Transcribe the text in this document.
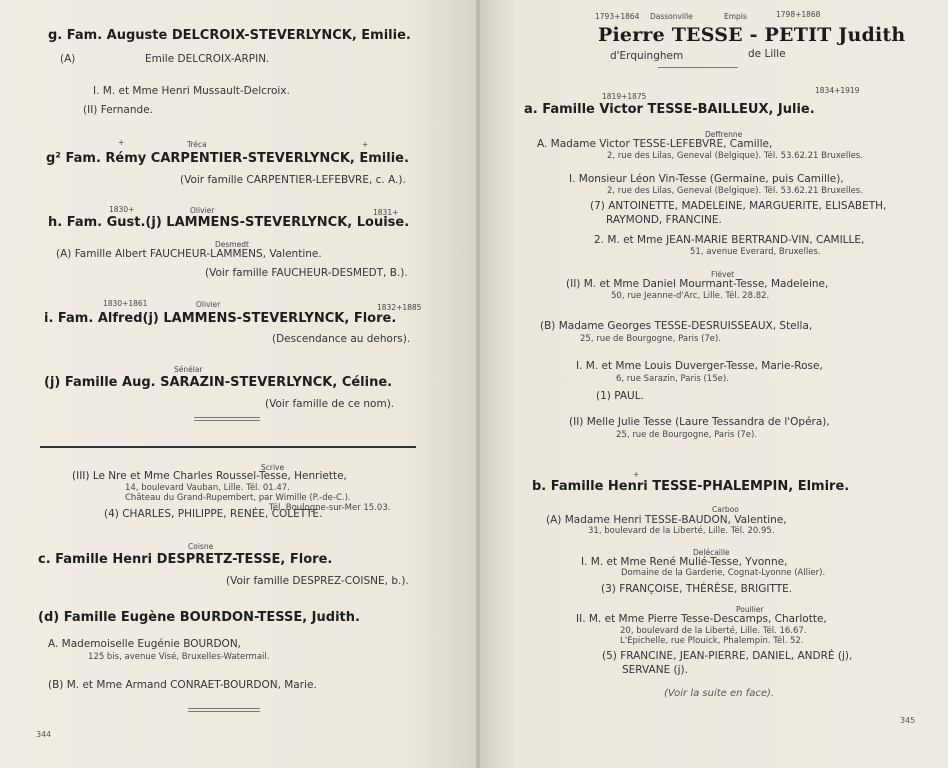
g. Fam. Auguste DELCROIX-STEVERLYNCK, Emilie.
(A)	Emile DELCROIX-ARPIN.
I. M. et Mme Henri Mussault-Delcroix.
(II) Fernande.
+	Tréca	+
g² Fam. Rémy CARPENTIER-STEVERLYNCK, Emilie.
(Voir famille CARPENTIER-LEFEBVRE, c. A.).
1830+	Olivier	1831+
h. Fam. Gust.(j) LAMMENS-STEVERLYNCK, Louise.
Desmedt
(A) Famille Albert FAUCHEUR-LAMMENS, Valentine.
(Voir famille FAUCHEUR-DESMEDT, B.).
1830+1861	Olivier	1832+1885
i. Fam. Alfred(j) LAMMENS-STEVERLYNCK, Flore.
(Descendance au dehors).
Sénélar
(j) Famille Aug. SARAZIN-STEVERLYNCK, Céline.
(Voir famille de ce nom).
Scrive
(III) Le Nre et Mme Charles Roussel-Tesse, Henriette,
14, boulevard Vauban, Lille. Tél. 01.47.
Château du Grand-Rupembert, par Wimille (P.-de-C.).
Tél. Boulogne-sur-Mer 15.03.
(4) CHARLES, PHILIPPE, RENÉE, COLETTE.
Coisne
c. Famille Henri DESPRETZ-TESSE, Flore.
(Voir famille DESPREZ-COISNE, b.).
(d) Famille Eugène BOURDON-TESSE, Judith.
A. Mademoiselle Eugénie BOURDON,
125 bis, avenue Visé, Bruxelles-Watermail.
(B) M. et Mme Armand CONRAET-BOURDON, Marie.
344
1793+1864 Dassonville	Empis	1798+1868
Pierre TESSE - PETIT Judith
d'Erquinghem	de Lille
1819+1875
1834+1919
a. Famille Victor TESSE-BAILLEUX, Julie.
Deffrenne
A. Madame Victor TESSE-LEFEBVRE, Camille,
2, rue des Lilas, Geneval (Belgique). Tél. 53.62.21 Bruxelles.
I. Monsieur Léon Vin-Tesse (Germaine, puis Camille),
2, rue des Lilas, Geneval (Belgique). Tél. 53.62.21 Bruxelles.
(7) ANTOINETTE, MADELEINE, MARGUERITE, ELISABETH,
RAYMOND, FRANCINE.
2. M. et Mme JEAN-MARIE BERTRAND-VIN, CAMILLE,
51, avenue Everard, Bruxelles.
Flévet
(II) M. et Mme Daniel Mourmant-Tesse, Madeleine,
50, rue Jeanne-d'Arc, Lille. Tél. 28.82.
(B) Madame Georges TESSE-DESRUISSEAUX, Stella,
25, rue de Bourgogne, Paris (7e).
I. M. et Mme Louis Duverger-Tesse, Marie-Rose,
6, rue Sarazin, Paris (15e).
(1) PAUL.
(II) Melle Julie Tesse (Laure Tessandra de l'Opéra),
25, rue de Bourgogne, Paris (7e).
+
b. Famille Henri TESSE-PHALEMPIN, Elmire.
Carboo
(A) Madame Henri TESSE-BAUDON, Valentine,
31, boulevard de la Liberté, Lille. Tél. 20.95.
Delécaille
I. M. et Mme René Mulié-Tesse, Yvonne,
Domaine de la Garderie, Cognat-Lyonne (Allier).
(3) FRANÇOISE, THÉRÈSE, BRIGITTE.
Poullier
II. M. et Mme Pierre Tesse-Descamps, Charlotte,
20, boulevard de la Liberté, Lille. Tél. 16.67.
L'Epichelle, rue Plouick, Phalempin. Tél. 52.
(5) FRANCINE, JEAN-PIERRE, DANIEL, ANDRÉ (j),
SERVANE (j).
(Voir la suite en face).
345
